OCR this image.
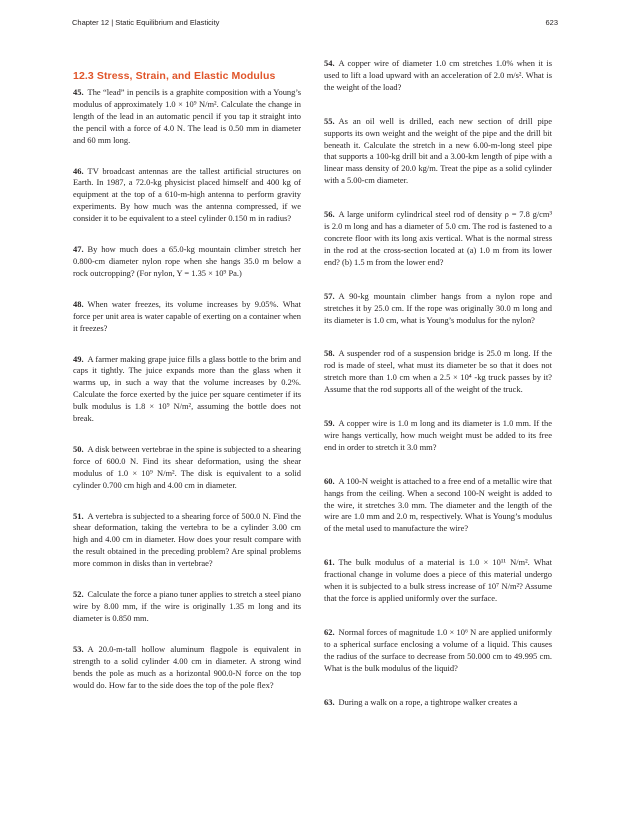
Chapter 12 | Static Equilibrium and Elasticity	623
12.3 Stress, Strain, and Elastic Modulus

45. The “lead” in pencils is a graphite composition with a Young’s modulus of approximately 1.0 × 10⁹ N/m². Calculate the change in length of the lead in an automatic pencil if you tap it straight into the pencil with a force of 4.0 N. The lead is 0.50 mm in diameter and 60 mm long.

46. TV broadcast antennas are the tallest artificial structures on Earth. In 1987, a 72.0-kg physicist placed himself and 400 kg of equipment at the top of a 610-m-high antenna to perform gravity experiments. By how much was the antenna compressed, if we consider it to be equivalent to a steel cylinder 0.150 m in radius?

47. By how much does a 65.0-kg mountain climber stretch her 0.800-cm diameter nylon rope when she hangs 35.0 m below a rock outcropping? (For nylon, Y = 1.35 × 10⁹ Pa.)

48. When water freezes, its volume increases by 9.05%. What force per unit area is water capable of exerting on a container when it freezes?

49. A farmer making grape juice fills a glass bottle to the brim and caps it tightly. The juice expands more than the glass when it warms up, in such a way that the volume increases by 0.2%. Calculate the force exerted by the juice per square centimeter if its bulk modulus is 1.8 × 10⁹ N/m², assuming the bottle does not break.

50. A disk between vertebrae in the spine is subjected to a shearing force of 600.0 N. Find its shear deformation, using the shear modulus of 1.0 × 10⁹ N/m². The disk is equivalent to a solid cylinder 0.700 cm high and 4.00 cm in diameter.

51. A vertebra is subjected to a shearing force of 500.0 N. Find the shear deformation, taking the vertebra to be a cylinder 3.00 cm high and 4.00 cm in diameter. How does your result compare with the result obtained in the preceding problem? Are spinal problems more common in disks than in vertebrae?

52. Calculate the force a piano tuner applies to stretch a steel piano wire by 8.00 mm, if the wire is originally 1.35 m long and its diameter is 0.850 mm.

53. A 20.0-m-tall hollow aluminum flagpole is equivalent in strength to a solid cylinder 4.00 cm in diameter. A strong wind bends the pole as much as a horizontal 900.0-N force on the top would do. How far to the side does the top of the pole flex?

54. A copper wire of diameter 1.0 cm stretches 1.0% when it is used to lift a load upward with an acceleration of 2.0 m/s². What is the weight of the load?

55. As an oil well is drilled, each new section of drill pipe supports its own weight and the weight of the pipe and the drill bit beneath it. Calculate the stretch in a new 6.00-m-long steel pipe that supports a 100-kg drill bit and a 3.00-km length of pipe with a linear mass density of 20.0 kg/m. Treat the pipe as a solid cylinder with a 5.00-cm diameter.

56. A large uniform cylindrical steel rod of density ρ = 7.8 g/cm³ is 2.0 m long and has a diameter of 5.0 cm. The rod is fastened to a concrete floor with its long axis vertical. What is the normal stress in the rod at the cross-section located at (a) 1.0 m from its lower end? (b) 1.5 m from the lower end?

57. A 90-kg mountain climber hangs from a nylon rope and stretches it by 25.0 cm. If the rope was originally 30.0 m long and its diameter is 1.0 cm, what is Young’s modulus for the nylon?

58. A suspender rod of a suspension bridge is 25.0 m long. If the rod is made of steel, what must its diameter be so that it does not stretch more than 1.0 cm when a 2.5 × 10⁴ -kg truck passes by it? Assume that the rod supports all of the weight of the truck.

59. A copper wire is 1.0 m long and its diameter is 1.0 mm. If the wire hangs vertically, how much weight must be added to its free end in order to stretch it 3.0 mm?

60. A 100-N weight is attached to a free end of a metallic wire that hangs from the ceiling. When a second 100-N weight is added to the wire, it stretches 3.0 mm. The diameter and the length of the wire are 1.0 mm and 2.0 m, respectively. What is Young’s modulus of the metal used to manufacture the wire?

61. The bulk modulus of a material is 1.0 × 10¹¹ N/m². What fractional change in volume does a piece of this material undergo when it is subjected to a bulk stress increase of 10⁷ N/m²? Assume that the force is applied uniformly over the surface.

62. Normal forces of magnitude 1.0 × 10⁶ N are applied uniformly to a spherical surface enclosing a volume of a liquid. This causes the radius of the surface to decrease from 50.000 cm to 49.995 cm. What is the bulk modulus of the liquid?

63. During a walk on a rope, a tightrope walker creates a
